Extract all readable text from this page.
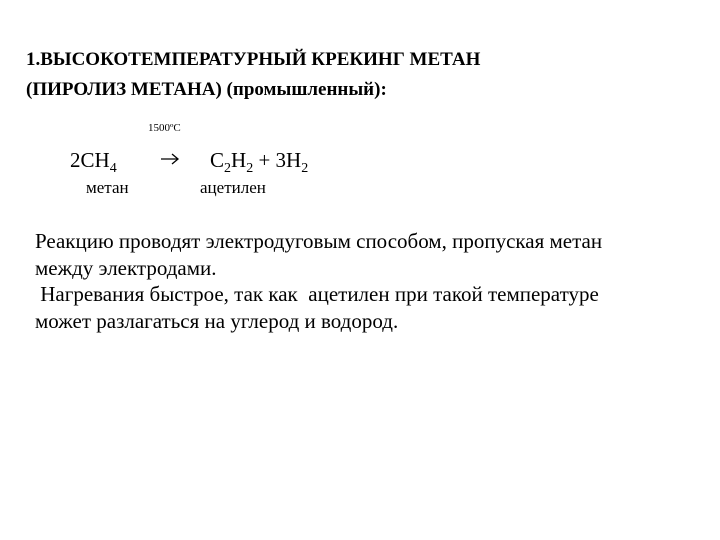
1.ВЫСОКОТЕМПЕРАТУРНЫЙ КРЕКИНГ МЕТАН
(ПИРОЛИЗ МЕТАНА) (промышленный):
1500ºC
$2CH_4$	$C_2H_2 + 3H_2$
метан	ацетилен
Реакцию проводят электродуговым способом, пропуская метан
между электродами.
Нагревания быстрое, так как  ацетилен при такой температуре
может разлагаться на углерод и водород.
